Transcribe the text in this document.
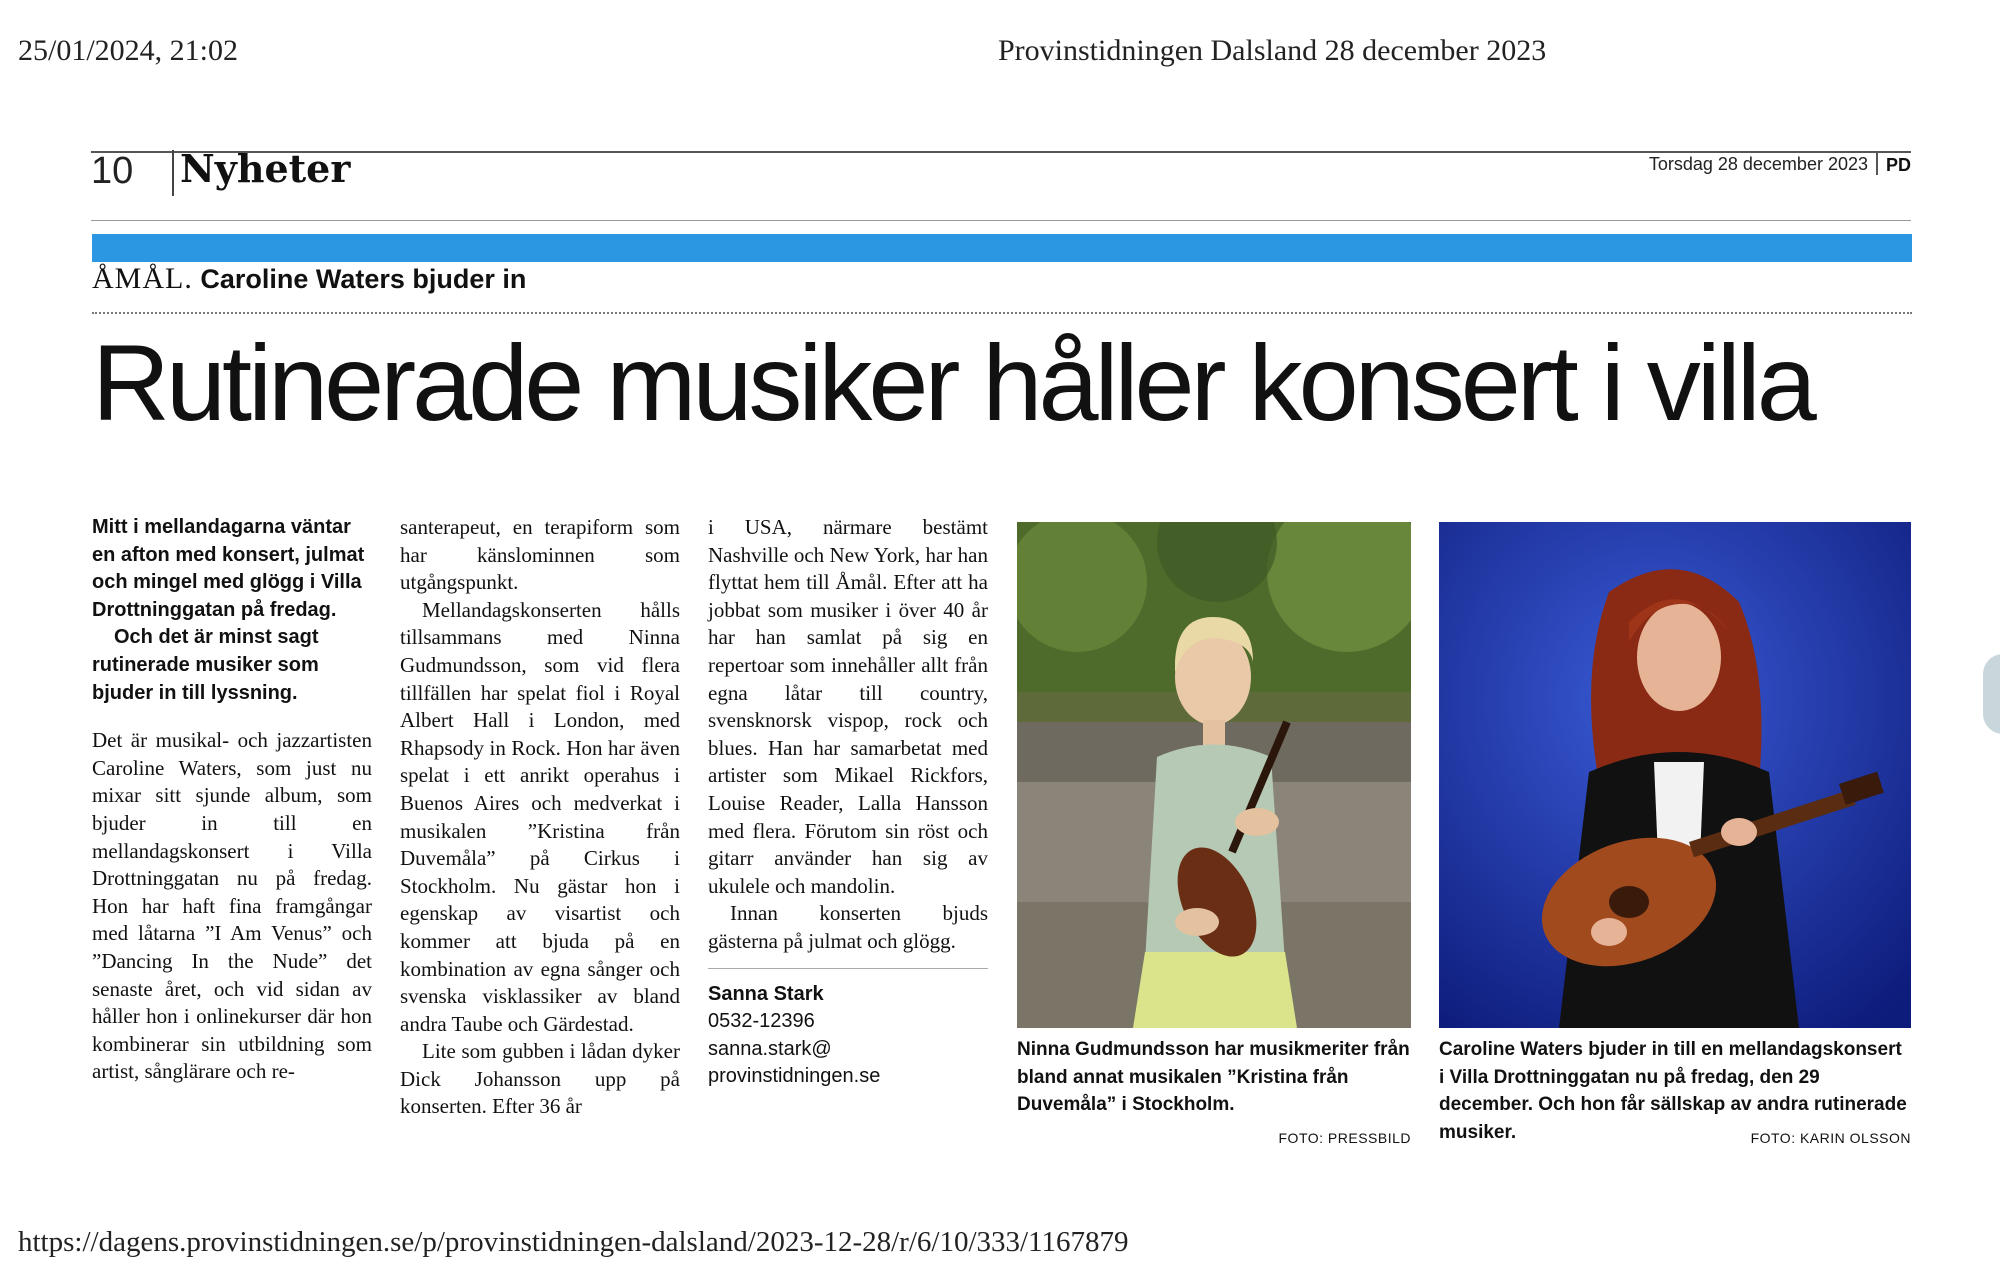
25/01/2024, 21:02	Provinstidningen Dalsland 28 december 2023
10 Nyheter	Torsdag 28 december 2023 PD
ÅMÅL. Caroline Waters bjuder in
Rutinerade musiker håller konsert i villa

Mitt i mellandagarna väntar en afton med konsert, julmat och mingel med glögg i Villa Drottninggatan på fredag.

Och det är minst sagt rutinerade musiker som bjuder in till lyssning.

Det är musikal- och jazzartisten Caroline Waters, som just nu mixar sitt sjunde album, som bjuder in till en mellandagskonsert i Villa Drottninggatan nu på fredag. Hon har haft fina framgångar med låtarna ”I Am Venus” och ”Dancing In the Nude” det senaste året, och vid sidan av håller hon i onlinekurser där hon kombinerar sin utbildning som artist, sånglärare och re-

santerapeut, en terapiform som har känslominnen som utgångspunkt.

Mellandagskonserten hålls tillsammans med Ninna Gudmundsson, som vid flera tillfällen har spelat fiol i Royal Albert Hall i London, med Rhapsody in Rock. Hon har även spelat i ett anrikt operahus i Buenos Aires och medverkat i musikalen ”Kristina från Duvemåla” på Cirkus i Stockholm. Nu gästar hon i egenskap av visartist och kommer att bjuda på en kombination av egna sånger och svenska visklassiker av bland andra Taube och Gärdestad.

Lite som gubben i lådan dyker Dick Johansson upp på konserten. Efter 36 år

i USA, närmare bestämt Nashville och New York, har han flyttat hem till Åmål. Efter att ha jobbat som musiker i över 40 år har han samlat på sig en repertoar som innehåller allt från egna låtar till country, svensknorsk vispop, rock och blues. Han har samarbetat med artister som Mikael Rickfors, Louise Reader, Lalla Hansson med flera. Förutom sin röst och gitarr använder han sig av ukulele och mandolin.

Innan konserten bjuds gästerna på julmat och glögg.

Sanna Stark
0532-12396
sanna.stark@
provinstidningen.se
Ninna Gudmundsson har musikmeriter från bland annat musikalen ”Kristina från Duvemåla” i Stockholm.
Caroline Waters bjuder in till en mellandagskonsert i Villa Drottninggatan nu på fredag, den 29 december. Och hon får sällskap av andra rutinerade musiker.
FOTO: PRESSBILD	FOTO: KARIN OLSSON
https://dagens.provinstidningen.se/p/provinstidningen-dalsland/2023-12-28/r/6/10/333/1167879
